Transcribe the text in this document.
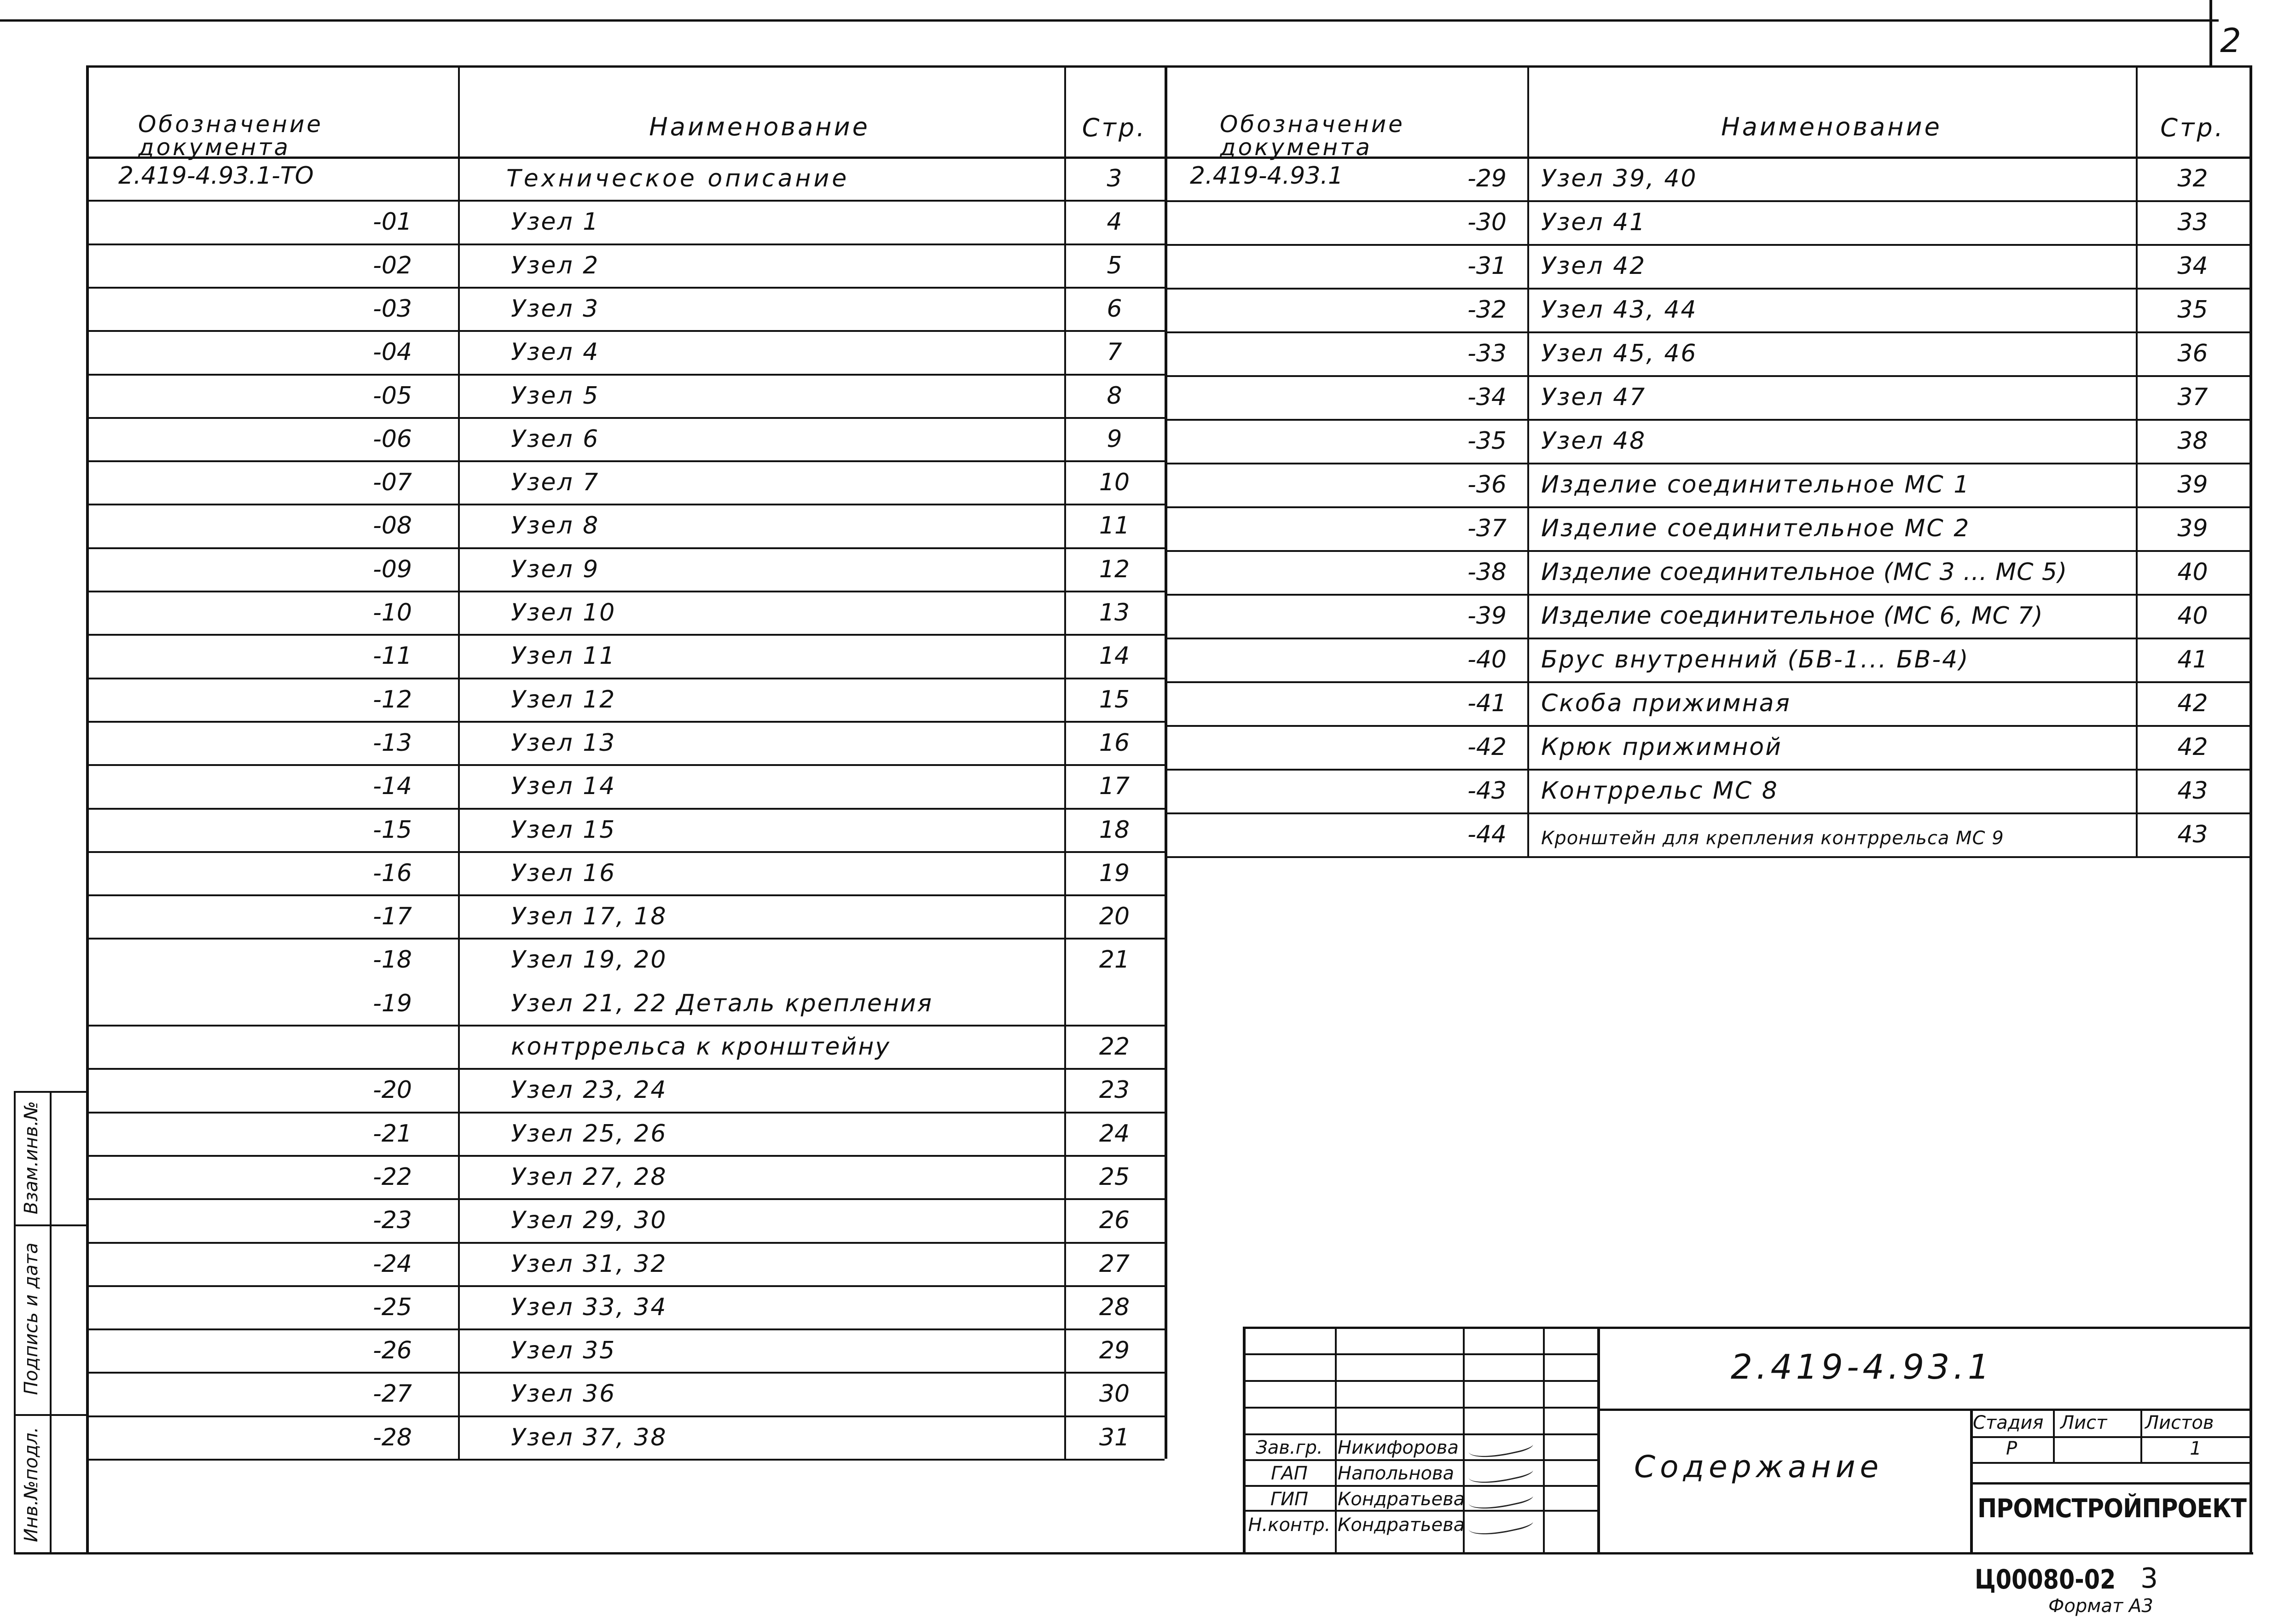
2
Обозначение документа
Наименование	Стр.	Обозначение документа
Наименование	Стр.
2.419-4.93.1-ТО	Техническое описание	3
-01	Узел 1	4
-02	Узел 2	5
-03	Узел 3	6
-04	Узел 4	7
-05	Узел 5	8
-06	Узел 6	9
-07	Узел 7	10
-08	Узел 8	11
-09	Узел 9	12
-10	Узел 10	13
-11	Узел 11	14
-12	Узел 12	15
-13	Узел 13	16
-14	Узел 14	17
-15	Узел 15	18
-16	Узел 16	19
-17	Узел 17, 18	20
-18	Узел 19, 20	21
-19	Узел 21, 22 Деталь крепления
контррельса к кронштейну	22
-20	Узел 23, 24	23
-21	Узел 25, 26	24
-22	Узел 27, 28	25
-23	Узел 29, 30	26
-24	Узел 31, 32	27
-25	Узел 33, 34	28
-26	Узел 35	29
-27	Узел 36	30
-28	Узел 37, 38	31
2.419-4.93.1	-29 Узел 39, 40	32
-30 Узел 41	33
-31 Узел 42	34
-32 Узел 43, 44	35
-33 Узел 45, 46	36
-34 Узел 47	37
-35 Узел 48	38
-36 Изделие соединительное МС 1	39
-37 Изделие соединительное МС 2	39
-38 Изделие соединительное (МС 3 ... МС 5)	40
-39 Изделие соединительное (МС 6, МС 7)	40
-40 Брус внутренний (БВ-1... БВ-4)	41
-41 Скоба прижимная	42
-42 Крюк прижимной	42
-43 Контррельс МС 8	43
-44 Кронштейн для крепления контррельса МС 9	43
Инв.№подл.
Подпись и дата
Взам.инв.№
2.419-4.93.1
Содержание
Стадия Лист Листов
Р	1
ПРОМСТРОЙПРОЕКТ
Зав.гр. Никифорова
ГАП	Напольнова
ГИП	Кондратьева
Н.контр. Кондратьева
Ц00080-02 3
Формат А3
